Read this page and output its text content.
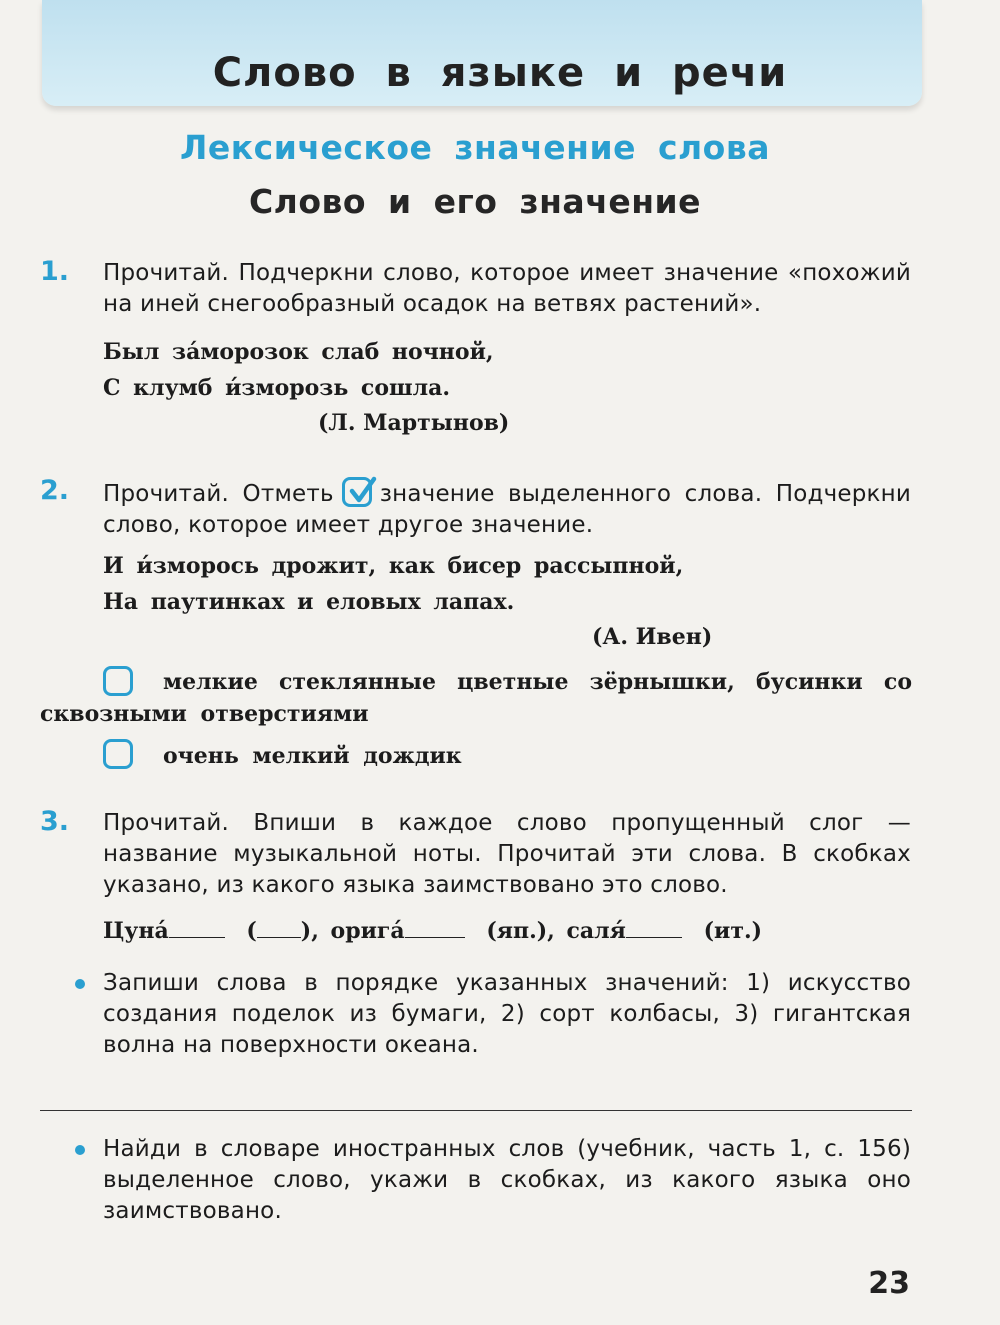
Слово в языке и речи
Лексическое значение слова
Слово и его значение
1. Прочитай. Подчеркни слово, которое имеет значение «похожий на иней снегообразный осадок на ветвях растений».
Был за́морозок слаб ночной,
С клумб и́зморозь сошла.
(Л. Мартынов)
2. Прочитай. Отметь значение выделенного слова. Подчеркни слово, которое имеет другое значение.
И и́зморось дрожит, как бисер рассыпной,
На паутинках и еловых лапах.
(А. Ивен)
мелкие стеклянные цветные зёрнышки, бусинки со сквозными отверстиями
очень мелкий дождик
3. Прочитай. Впиши в каждое слово пропущенный слог — название музыкальной ноты. Прочитай эти слова. В скобках указано, из какого языка заимствовано это слово.
Цуна́	( ), орига́	(яп.), саля́	(ит.)
Запиши слова в порядке указанных значений: 1) искусство создания поделок из бумаги, 2) сорт колбасы, 3) гигантская волна на поверхности океана.
Найди в словаре иностранных слов (учебник, часть 1, с. 156) выделенное слово, укажи в скобках, из какого языка оно заимствовано.
23
